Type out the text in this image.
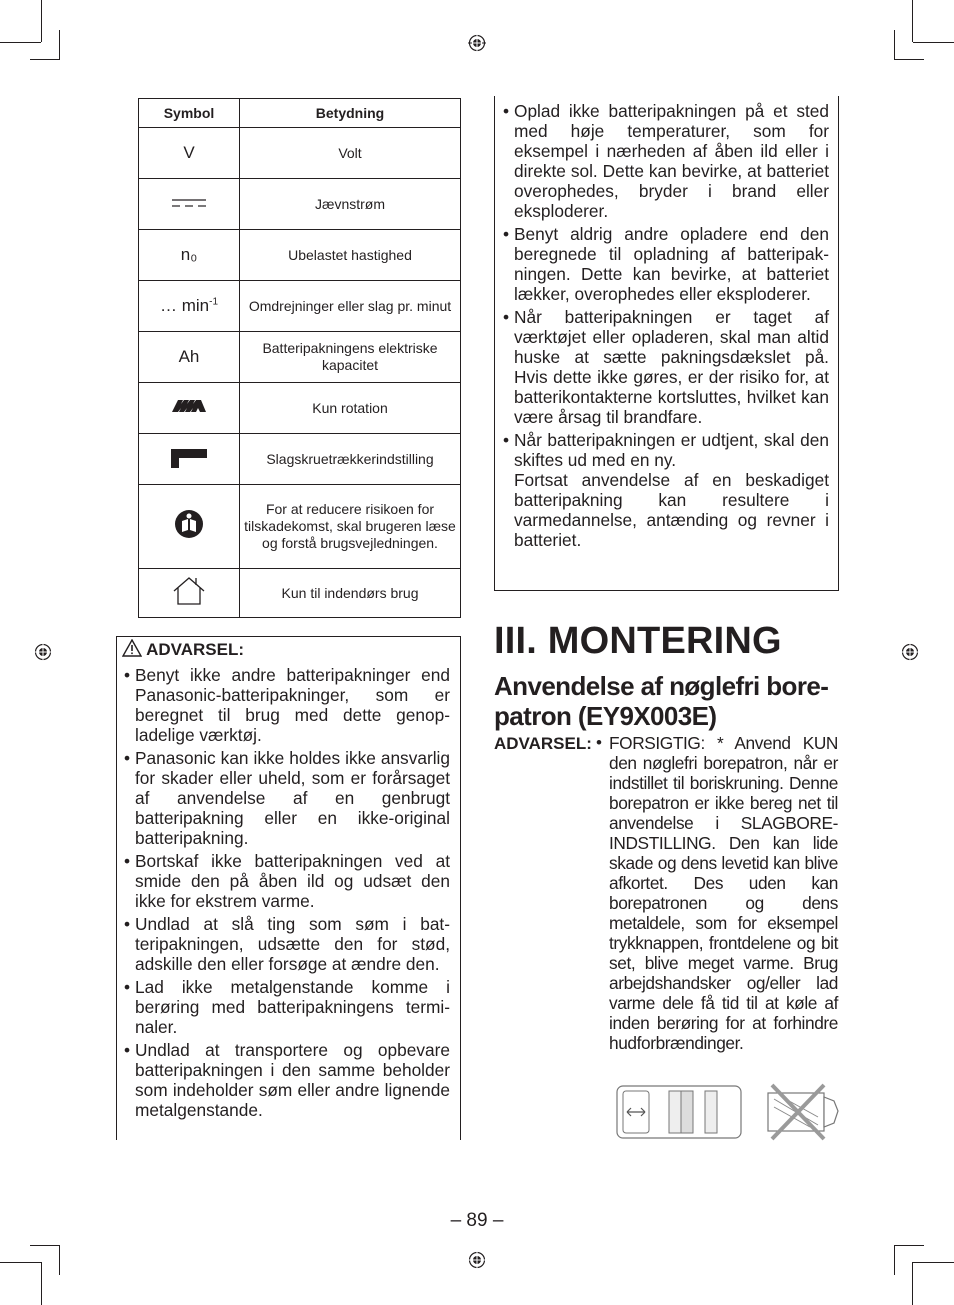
Symbol	Betydning
V	Volt
	Jævnstrøm
n₀	Ubelastet hastighed
… $\min^{-1}$	Omdrejninger eller slag pr. minut
Ah	Batteripakningens elektriske kapacitet
	Kun rotation
	Slagskruetrækkerindstilling
	For at reducere risikoen for tilskadekomst, skal brugeren læse og forstå brugsvejledningen.
	Kun til indendørs brug
ADVARSEL:
• Benyt ikke andre batteripakninger end Panasonic-batteripakninger, som er beregnet til brug med dette genopladelige værktøj.
• Panasonic kan ikke holdes ikke ansvarlig for skader eller uheld, som er forårsaget af anvendelse af en genbrugt batteripakning eller en ikke-original batteripakning.
• Bortskaf ikke batteripakningen ved at smide den på åben ild og udsæt den ikke for ekstrem varme.
• Undlad at slå ting som søm i batteripakningen, udsætte den for stød, adskille den eller forsøge at ændre den.
• Lad ikke metalgenstande komme i berøring med batteripakningens terminaler.
• Undlad at transportere og opbevare batteripakningen i den samme beholder som indeholder søm eller andre lignende metalgenstande.
• Oplad ikke batteripakningen på et sted med høje temperaturer, som for eksempel i nærheden af åben ild eller i direkte sol. Dette kan bevirke, at batteriet overophedes, bryder i brand eller eksploderer.
• Benyt aldrig andre opladere end den beregnede til opladning af batteripakningen. Dette kan bevirke, at batteriet lækker, overophedes eller eksploderer.
• Når batteripakningen er taget af værktøjet eller opladeren, skal man altid huske at sætte pakningsdækslet på. Hvis dette ikke gøres, er der risiko for, at batterikontakterne kortsluttes, hvilket kan være årsag til brandfare.
• Når batteripakningen er udtjent, skal den skiftes ud med en ny.
Fortsat anvendelse af en beskadiget batteripakning kan resultere i varmedannelse, antænding og revner i batteriet.
III. MONTERING
Anvendelse af nøglefri borepatron (EY9X003E)
ADVARSEL: • FORSIGTIG: * Anvend KUN den nøglefri borepatron, når er indstillet til boriskruning. Denne borepatron er ikke bereg net til anvendelse i SLAGBORE-INDSTILLING. Den kan lide skade og dens levetid kan blive afkortet. Des uden kan borepatronen og dens metaldele, som for eksempel trykknappen, frontdelene og bit set, blive meget varme. Brug arbejdshandsker og/eller lad varme dele få tid til at køle af inden berøring for at forhindre hudforbrændinger.
– 89 –
